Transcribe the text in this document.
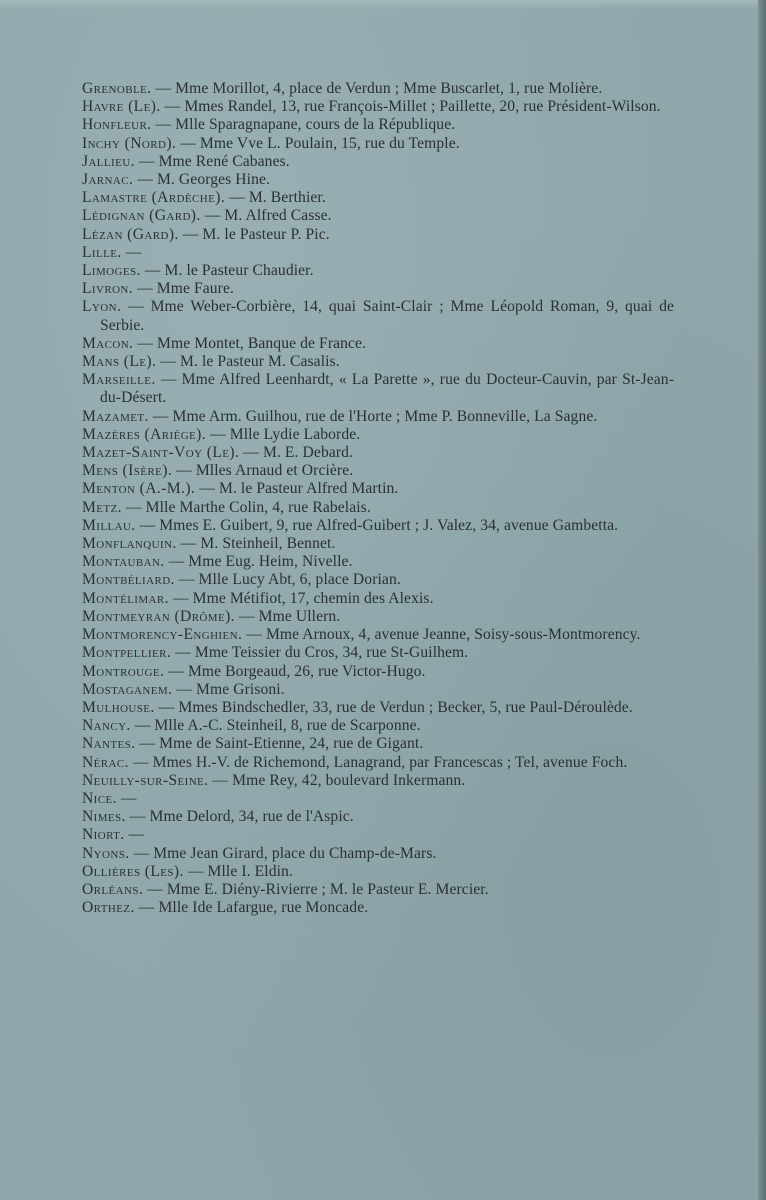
Grenoble. — Mme Morillot, 4, place de Verdun ; Mme Buscarlet, 1, rue Molière.

Havre (Le). — Mmes Randel, 13, rue François-Millet ; Paillette, 20, rue Président-Wilson.

Honfleur. — Mlle Sparagnapane, cours de la République.

Inchy (Nord). — Mme Vve L. Poulain, 15, rue du Temple.

Jallieu. — Mme René Cabanes.

Jarnac. — M. Georges Hine.

Lamastre (Ardèche). — M. Berthier.

Lédignan (Gard). — M. Alfred Casse.

Lézan (Gard). — M. le Pasteur P. Pic.

Lille. —

Limoges. — M. le Pasteur Chaudier.

Livron. — Mme Faure.

Lyon. — Mme Weber-Corbière, 14, quai Saint-Clair ; Mme Léopold Roman, 9, quai de Serbie.

Macon. — Mme Montet, Banque de France.

Mans (Le). — M. le Pasteur M. Casalis.

Marseille. — Mme Alfred Leenhardt, « La Parette », rue du Docteur-Cauvin, par St-Jean-du-Désert.

Mazamet. — Mme Arm. Guilhou, rue de l'Horte ; Mme P. Bonneville, La Sagne.

Mazères (Ariège). — Mlle Lydie Laborde.

Mazet-Saint-Voy (Le). — M. E. Debard.

Mens (Isère). — Mlles Arnaud et Orcière.

Menton (A.-M.). — M. le Pasteur Alfred Martin.

Metz. — Mlle Marthe Colin, 4, rue Rabelais.

Millau. — Mmes E. Guibert, 9, rue Alfred-Guibert ; J. Valez, 34, avenue Gambetta.

Monflanquin. — M. Steinheil, Bennet.

Montauban. — Mme Eug. Heim, Nivelle.

Montbéliard. — Mlle Lucy Abt, 6, place Dorian.

Montélimar. — Mme Métifiot, 17, chemin des Alexis.

Montmeyran (Drôme). — Mme Ullern.

Montmorency-Enghien. — Mme Arnoux, 4, avenue Jeanne, Soisy-sous-Montmorency.

Montpellier. — Mme Teissier du Cros, 34, rue St-Guilhem.

Montrouge. — Mme Borgeaud, 26, rue Victor-Hugo.

Mostaganem. — Mme Grisoni.

Mulhouse. — Mmes Bindschedler, 33, rue de Verdun ; Becker, 5, rue Paul-Déroulède.

Nancy. — Mlle A.-C. Steinheil, 8, rue de Scarponne.

Nantes. — Mme de Saint-Etienne, 24, rue de Gigant.

Nérac. — Mmes H.-V. de Richemond, Lanagrand, par Francescas ; Tel, avenue Foch.

Neuilly-sur-Seine. — Mme Rey, 42, boulevard Inkermann.

Nice. —

Nimes. — Mme Delord, 34, rue de l'Aspic.

Niort. —

Nyons. — Mme Jean Girard, place du Champ-de-Mars.

Ollières (Les). — Mlle I. Eldin.

Orléans. — Mme E. Diény-Rivierre ; M. le Pasteur E. Mercier.

Orthez. — Mlle Ide Lafargue, rue Moncade.
